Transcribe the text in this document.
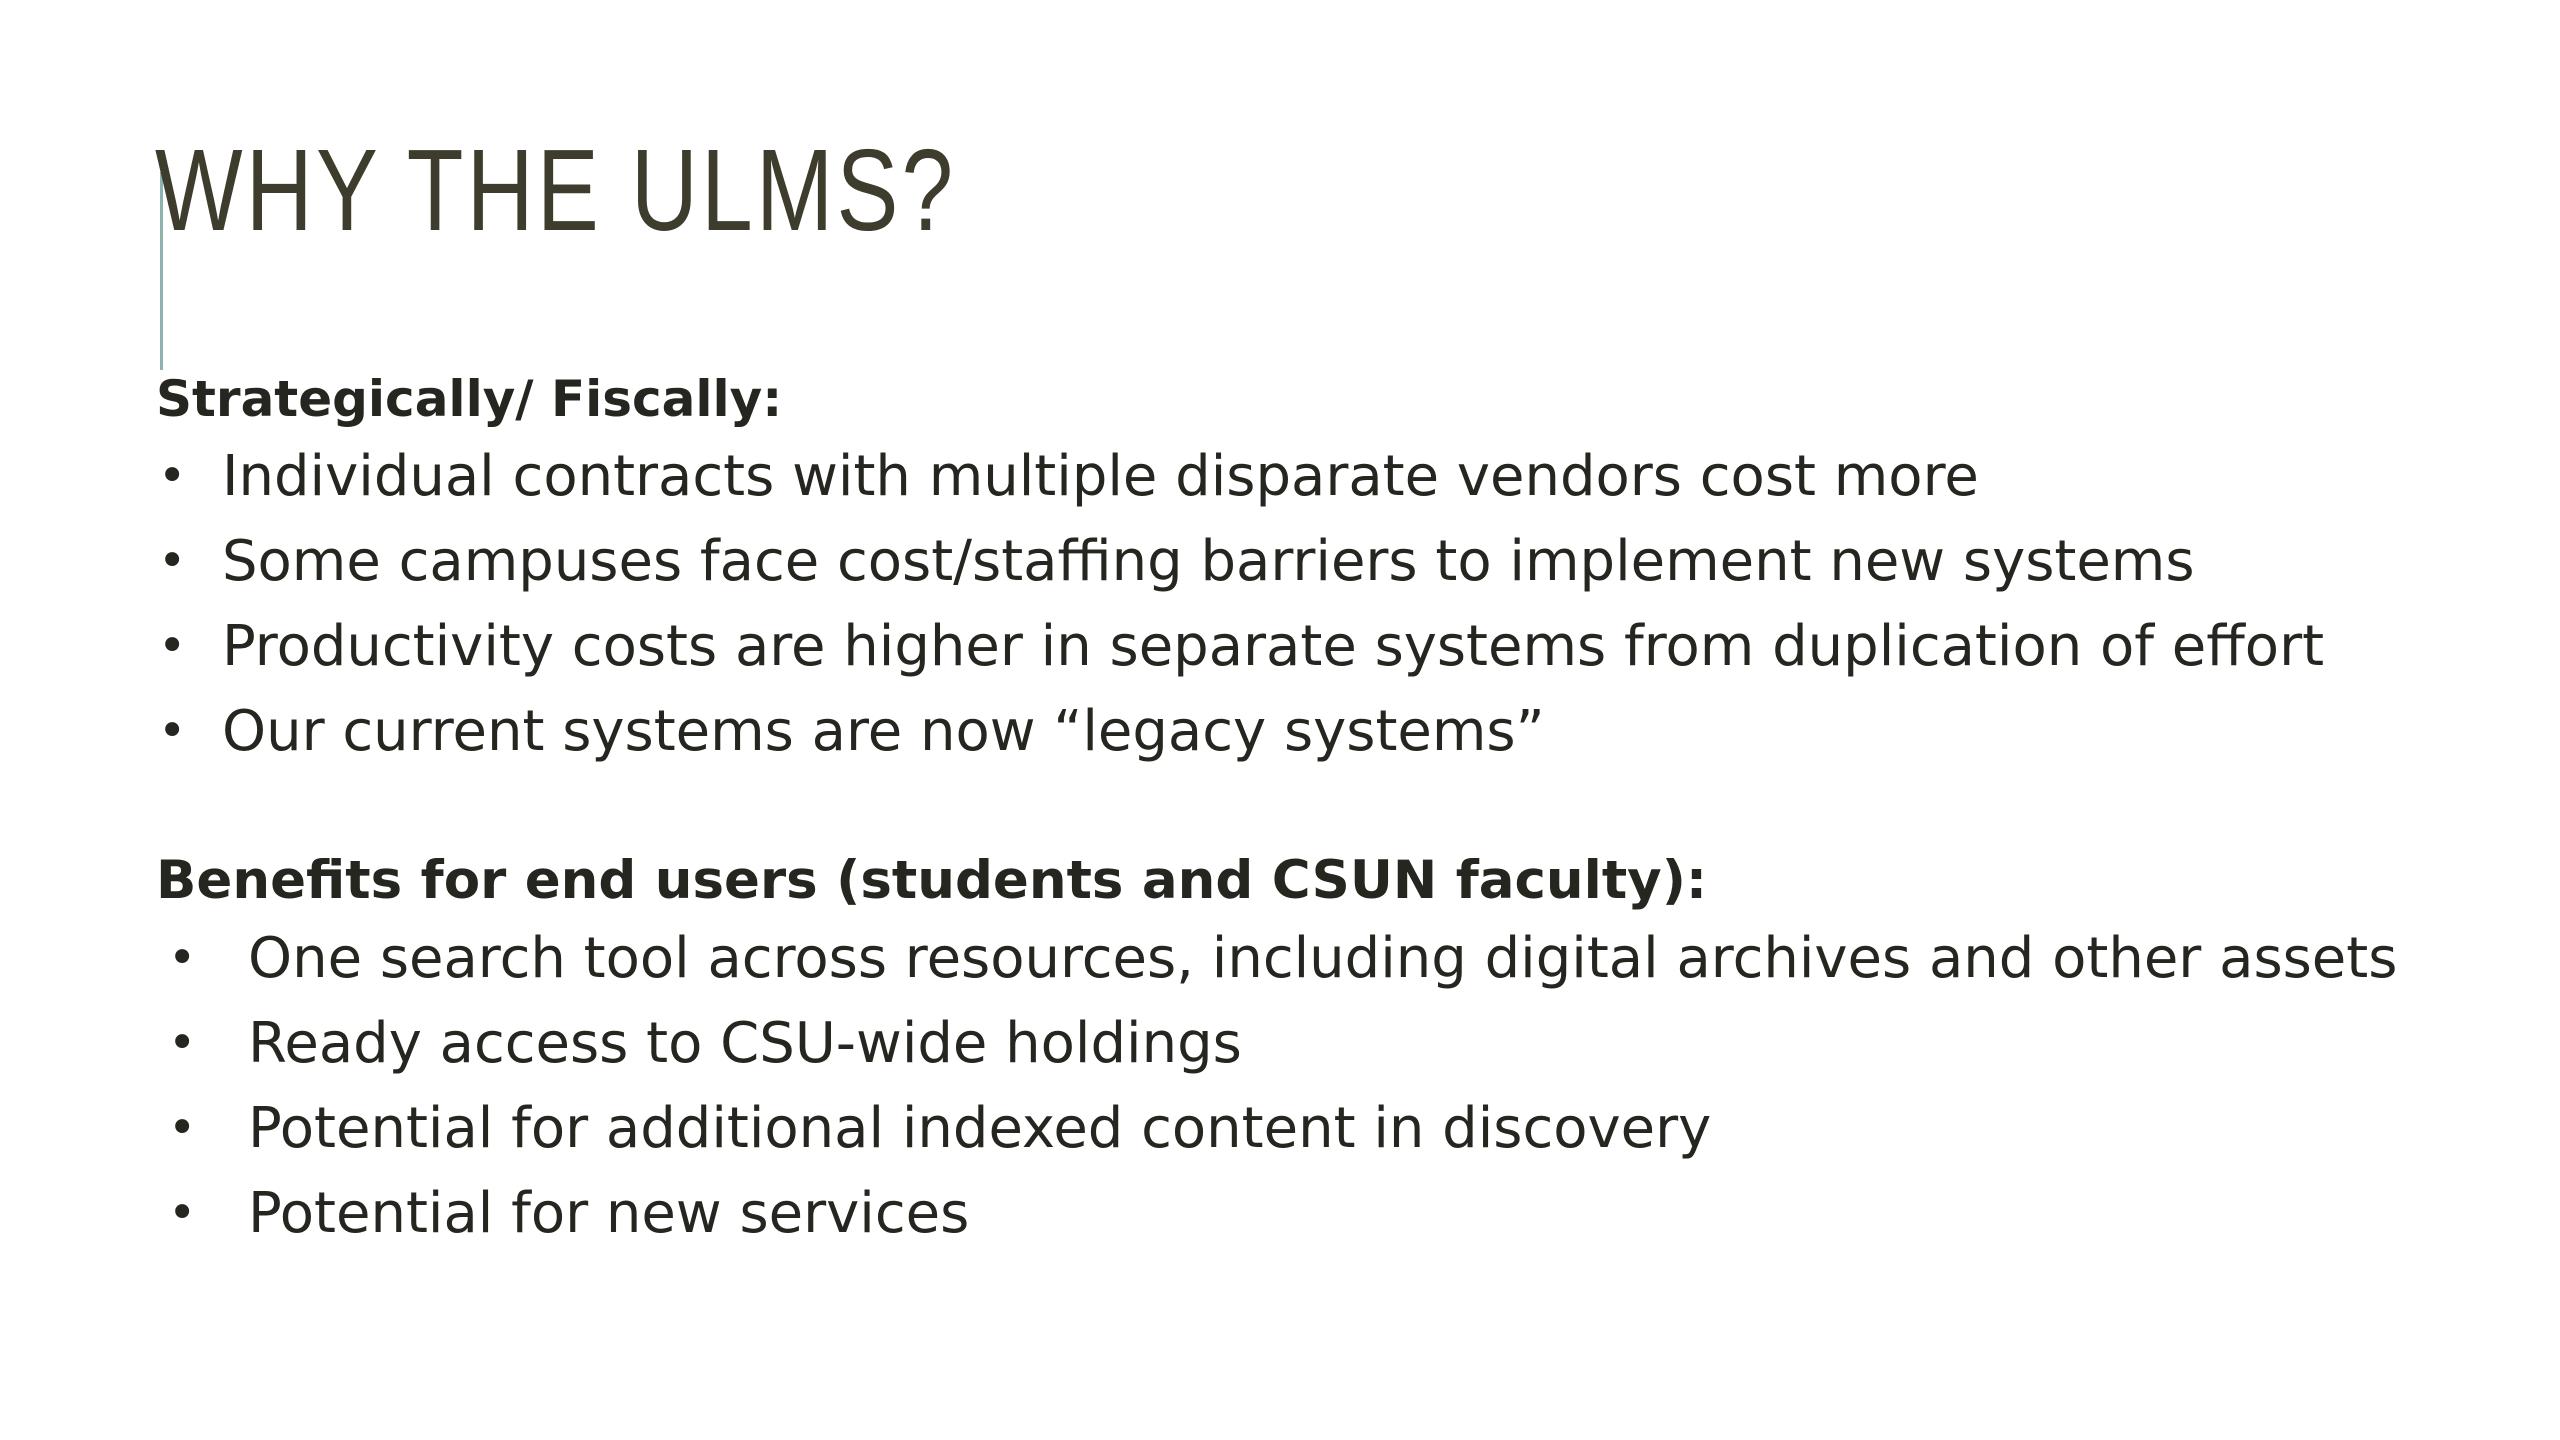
WHY THE ULMS?

Strategically/ Fiscally:

• Individual contracts with multiple disparate vendors cost more
• Some campuses face cost/staffing barriers to implement new systems
• Productivity costs are higher in separate systems from duplication of effort
• Our current systems are now “legacy systems”

Benefits for end users (students and CSUN faculty):

• One search tool across resources, including digital archives and other assets
• Ready access to CSU-wide holdings
• Potential for additional indexed content in discovery
• Potential for new services
